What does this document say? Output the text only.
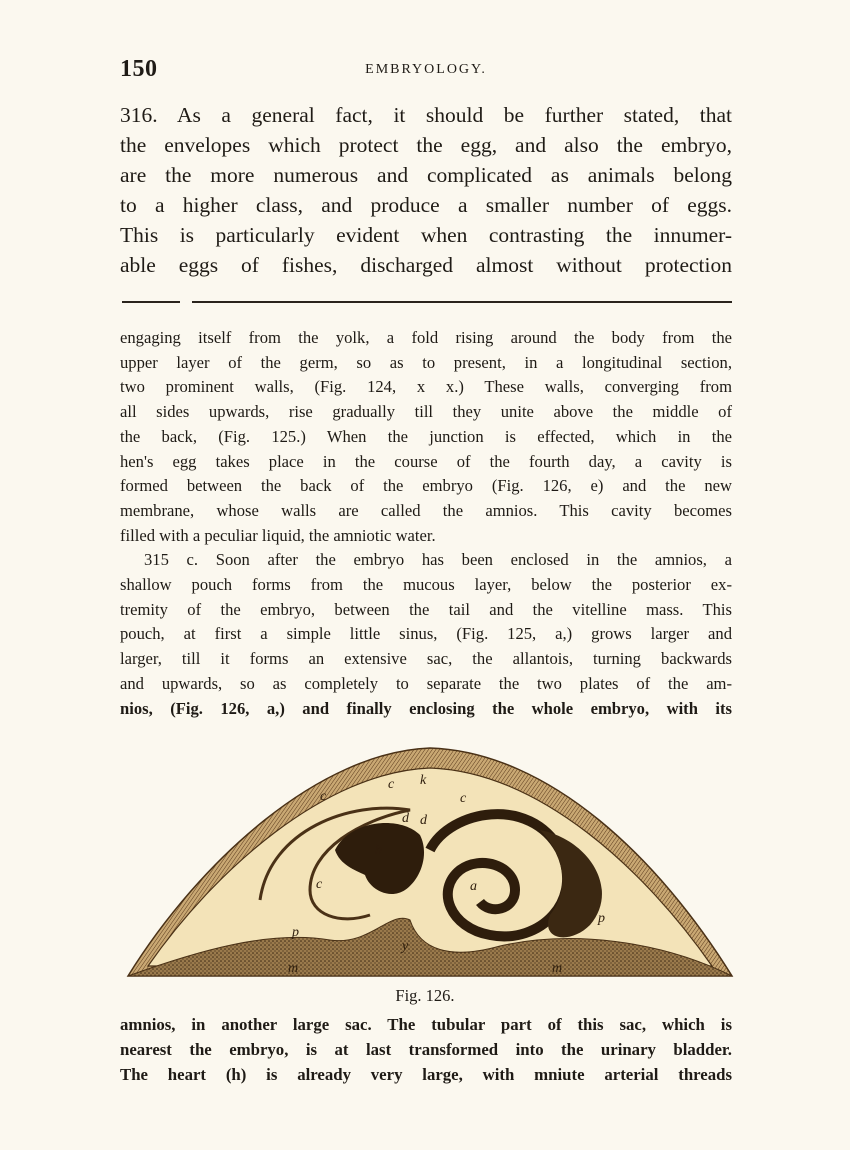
150	EMBRYOLOGY.

316. As a general fact, it should be further stated, that

the envelopes which protect the egg, and also the embryo,

are the more numerous and complicated as animals belong

to a higher class, and produce a smaller number of eggs.

This is particularly evident when contrasting the innumer-

able eggs of fishes, discharged almost without protection

engaging itself from the yolk, a fold rising around the body from the
upper layer of the germ, so as to present, in a longitudinal section,
two prominent walls, (Fig. 124, x x.) These walls, converging from
all sides upwards, rise gradually till they unite above the middle of
the back, (Fig. 125.) When the junction is effected, which in the
hen's egg takes place in the course of the fourth day, a cavity is
formed between the back of the embryo (Fig. 126, e) and the new
membrane, whose walls are called the amnios. This cavity becomes
filled with a peculiar liquid, the amniotic water.
315 c. Soon after the embryo has been enclosed in the amnios, a
shallow pouch forms from the mucous layer, below the posterior ex-
tremity of the embryo, between the tail and the vitelline mass. This
pouch, at first a simple little sinus, (Fig. 125, a,) grows larger and
larger, till it forms an extensive sac, the allantois, turning backwards
and upwards, so as completely to separate the two plates of the am-
nios, (Fig. 126, a,) and finally enclosing the whole embryo, with its
c
c k
c
d d
h
c	a
p
p
y
m	m
Fig. 126.
amnios, in another large sac. The tubular part of this sac, which is
nearest the embryo, is at last transformed into the urinary bladder.
The heart (h) is already very large, with mniute arterial threads
